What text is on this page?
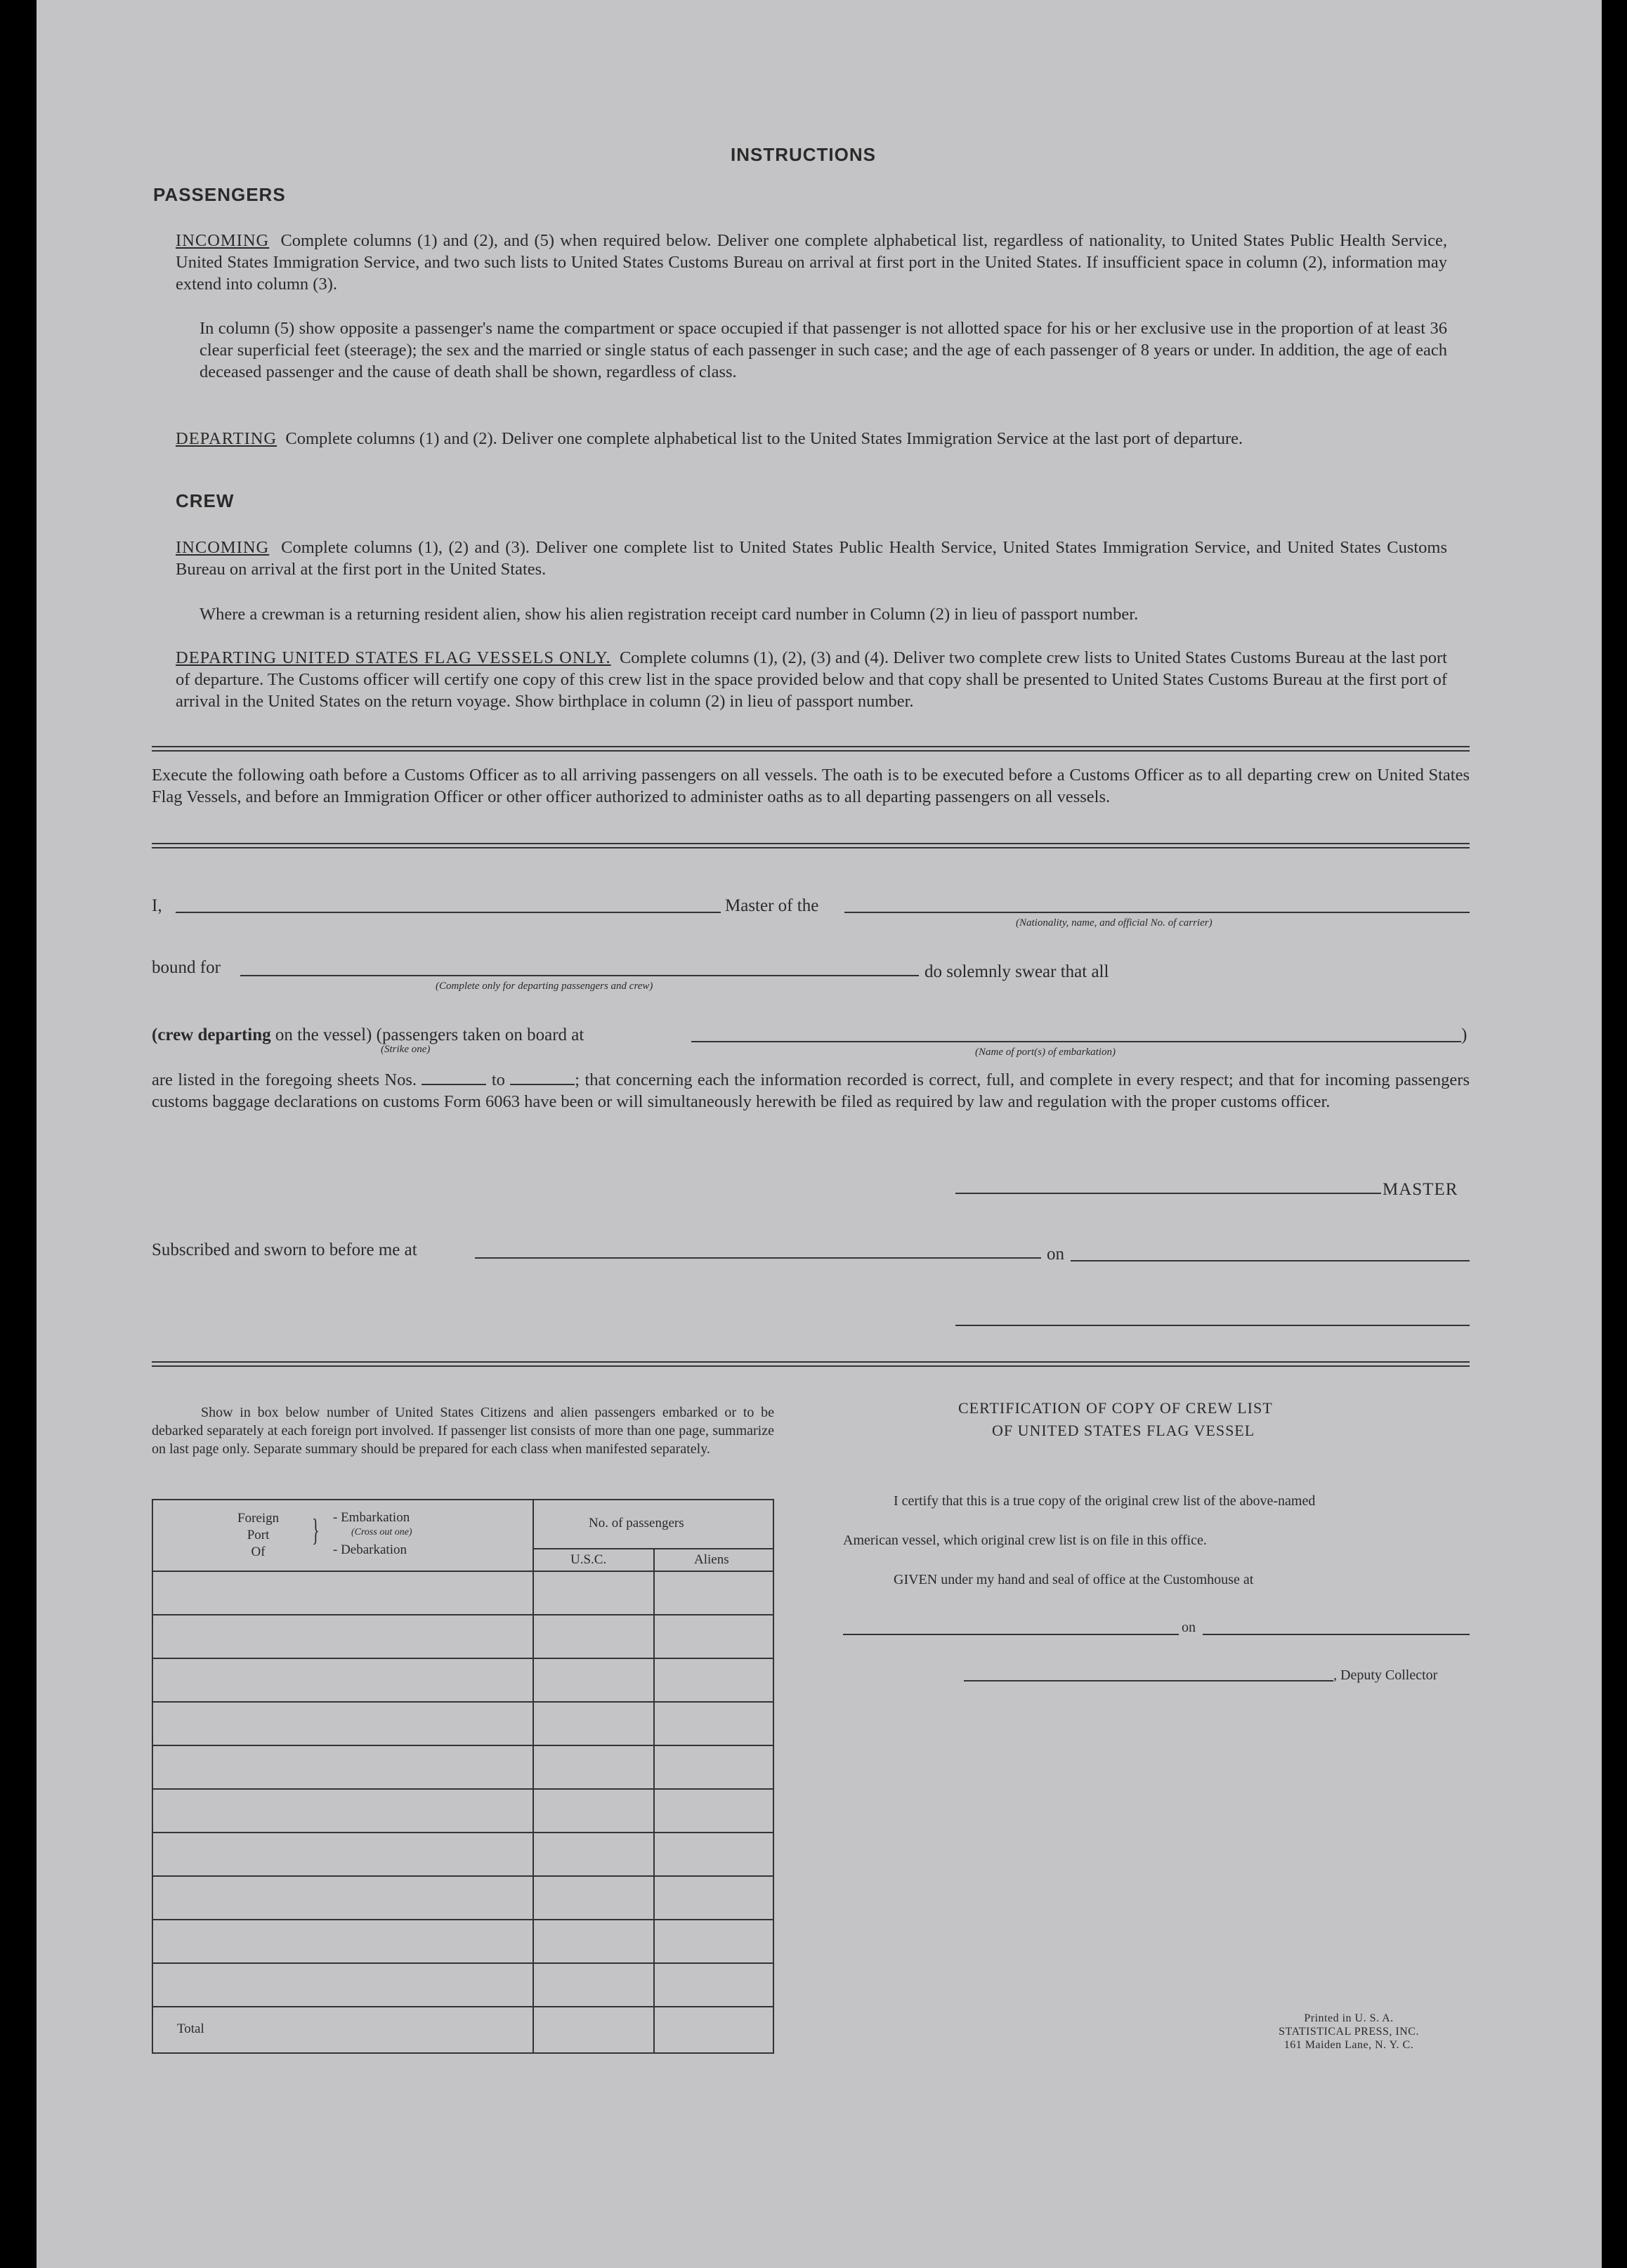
INSTRUCTIONS
PASSENGERS
INCOMING Complete columns (1) and (2), and (5) when required below. Deliver one complete alphabetical list, regardless of nationality, to United States Public Health Service, United States Immigration Service, and two such lists to United States Customs Bureau on arrival at first port in the United States. If insufficient space in column (2), information may extend into column (3).
In column (5) show opposite a passenger's name the compartment or space occupied if that passenger is not allotted space for his or her exclusive use in the proportion of at least 36 clear superficial feet (steerage); the sex and the married or single status of each passenger in such case; and the age of each passenger of 8 years or under. In addition, the age of each deceased passenger and the cause of death shall be shown, regardless of class.
DEPARTING Complete columns (1) and (2). Deliver one complete alphabetical list to the United States Immigration Service at the last port of departure.
CREW
INCOMING Complete columns (1), (2) and (3). Deliver one complete list to United States Public Health Service, United States Immigration Service, and United States Customs Bureau on arrival at the first port in the United States.
Where a crewman is a returning resident alien, show his alien registration receipt card number in Column (2) in lieu of passport number.
DEPARTING UNITED STATES FLAG VESSELS ONLY. Complete columns (1), (2), (3) and (4). Deliver two complete crew lists to United States Customs Bureau at the last port of departure. The Customs officer will certify one copy of this crew list in the space provided below and that copy shall be presented to United States Customs Bureau at the first port of arrival in the United States on the return voyage. Show birthplace in column (2) in lieu of passport number.
Execute the following oath before a Customs Officer as to all arriving passengers on all vessels. The oath is to be executed before a Customs Officer as to all departing crew on United States Flag Vessels, and before an Immigration Officer or other officer authorized to administer oaths as to all departing passengers on all vessels.
I,	Master of the
(Nationality, name, and official No. of carrier)
bound for
(Complete only for departing passengers and crew)
do solemnly swear that all
(crew departing on the vessel) (passengers taken on board at
(Strike one)
)
(Name of port(s) of embarkation)
are listed in the foregoing sheets Nos.	to	; that concerning each the information recorded is correct, full, and complete in every respect; and that for incoming passengers customs baggage declarations on customs Form 6063 have been or will simultaneously herewith be filed as required by law and regulation with the proper customs officer.
MASTER
Subscribed and sworn to before me at	on
Show in box below number of United States Citizens and alien passengers embarked or to be debarked separately at each foreign port involved. If passenger list consists of more than one page, summarize on last page only. Separate summary should be prepared for each class when manifested separately.
Foreign
Port
Of
} - Embarkation
(Cross out one)
- Debarkation
No. of passengers
U.S.C.	Aliens
Total
CERTIFICATION OF COPY OF CREW LIST
OF UNITED STATES FLAG VESSEL
I certify that this is a true copy of the original crew list of the above-named
American vessel, which original crew list is on file in this office.
GIVEN under my hand and seal of office at the Customhouse at
on
, Deputy Collector
Printed in U. S. A.
STATISTICAL PRESS, INC.
161 Maiden Lane, N. Y. C.
